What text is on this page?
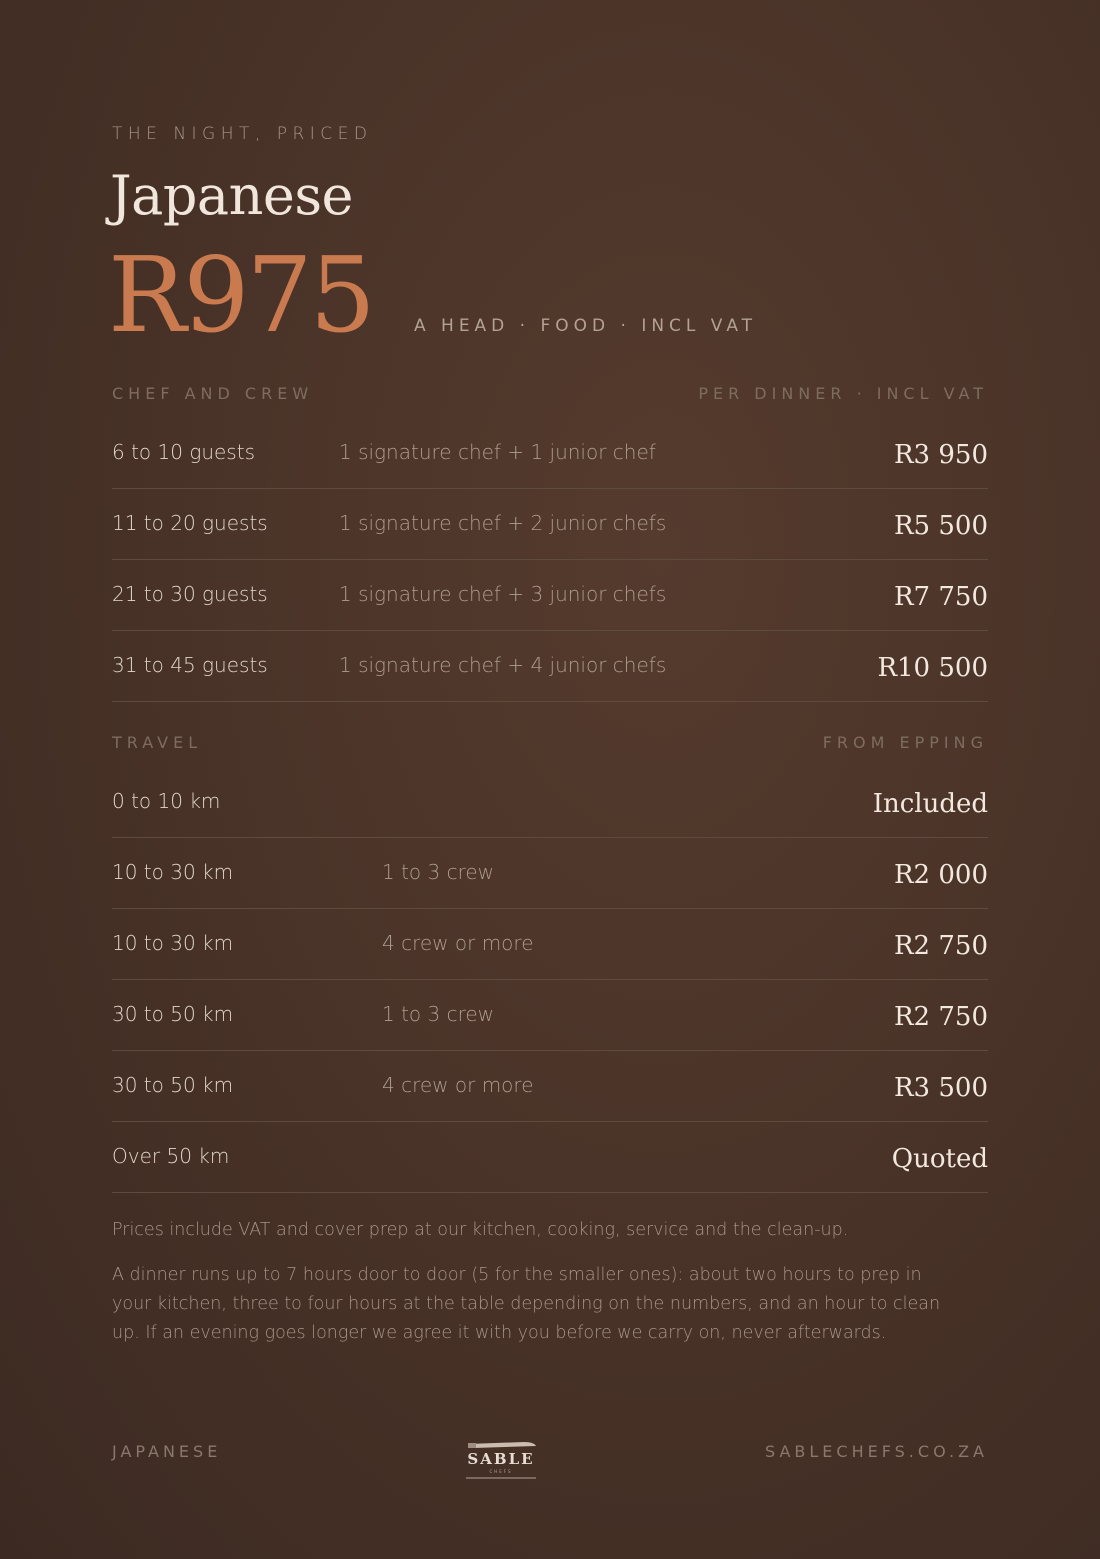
THE NIGHT, PRICED
Japanese
R975 A HEAD · FOOD · INCL VAT
CHEF AND CREW	PER DINNER · INCL VAT
6 to 10 guests	1 signature chef + 1 junior chef	R3 950
11 to 20 guests	1 signature chef + 2 junior chefs	R5 500
21 to 30 guests	1 signature chef + 3 junior chefs	R7 750
31 to 45 guests	1 signature chef + 4 junior chefs	R10 500
TRAVEL	FROM EPPING
0 to 10 km	Included
10 to 30 km	1 to 3 crew	R2 000
10 to 30 km	4 crew or more	R2 750
30 to 50 km	1 to 3 crew	R2 750
30 to 50 km	4 crew or more	R3 500
Over 50 km	Quoted

Prices include VAT and cover prep at our kitchen, cooking, service and the clean-up.

A dinner runs up to 7 hours door to door (5 for the smaller ones): about two hours to prep in your kitchen, three to four hours at the table depending on the numbers, and an hour to clean up. If an evening goes longer we agree it with you before we carry on, never afterwards.

JAPANESE	SABLECHEFS.CO.ZA
SABLE
CHEFS
